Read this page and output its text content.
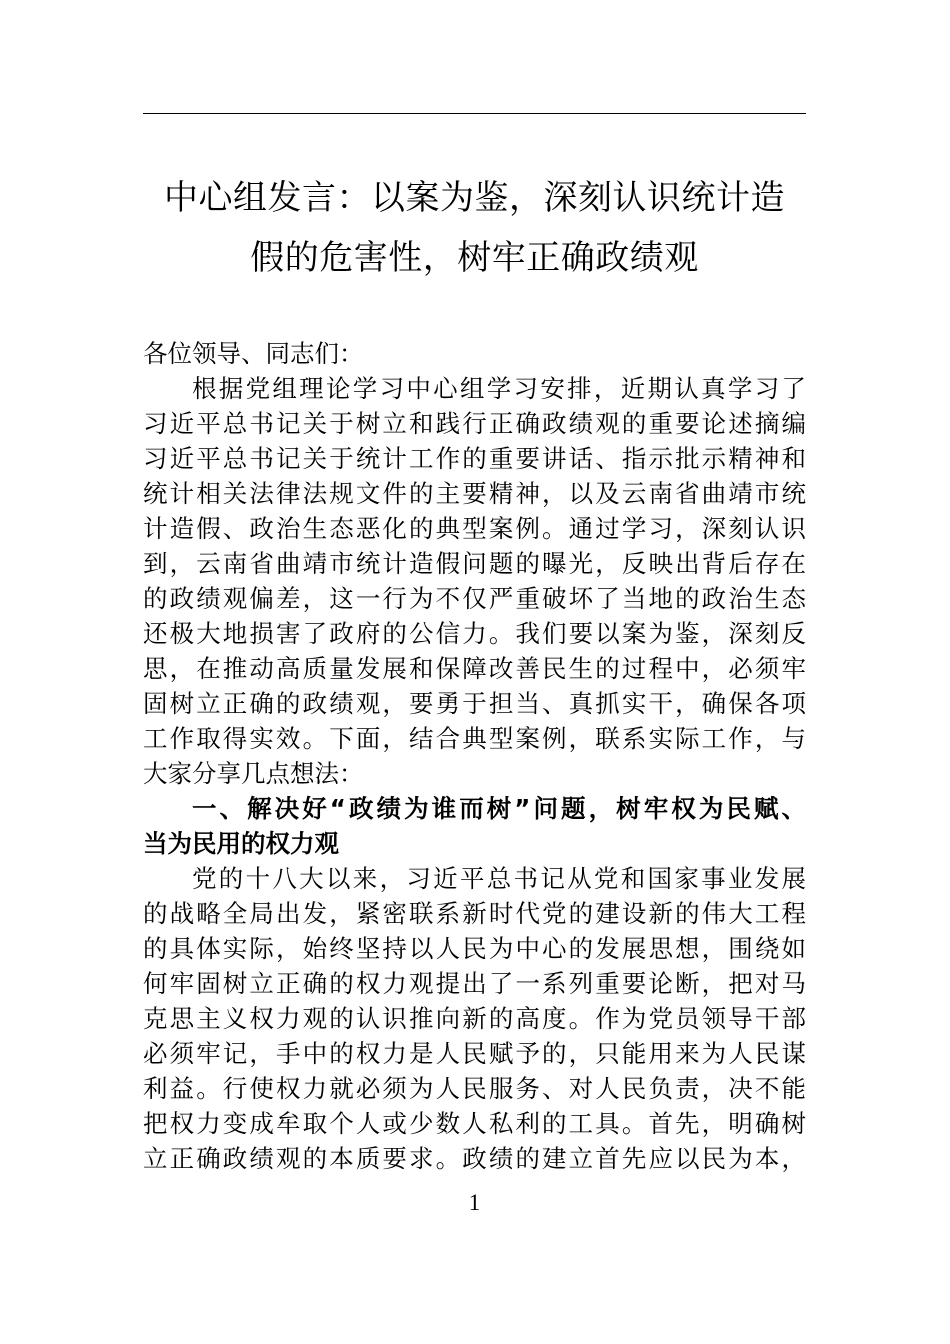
中心组发言：以案为鉴，深刻认识统计造
假的危害性，树牢正确政绩观
各位领导、同志们：
根据党组理论学习中心组学习安排，近期认真学习了
习近平总书记关于树立和践行正确政绩观的重要论述摘编
习近平总书记关于统计工作的重要讲话、指示批示精神和
统计相关法律法规文件的主要精神，以及云南省曲靖市统
计造假、政治生态恶化的典型案例。通过学习，深刻认识
到，云南省曲靖市统计造假问题的曝光，反映出背后存在
的政绩观偏差，这一行为不仅严重破坏了当地的政治生态
还极大地损害了政府的公信力。我们要以案为鉴，深刻反
思，在推动高质量发展和保障改善民生的过程中，必须牢
固树立正确的政绩观，要勇于担当、真抓实干，确保各项
工作取得实效。下面，结合典型案例，联系实际工作，与
大家分享几点想法：
一、解决好“政绩为谁而树”问题，树牢权为民赋、
当为民用的权力观
党的十八大以来，习近平总书记从党和国家事业发展
的战略全局出发，紧密联系新时代党的建设新的伟大工程
的具体实际，始终坚持以人民为中心的发展思想，围绕如
何牢固树立正确的权力观提出了一系列重要论断，把对马
克思主义权力观的认识推向新的高度。作为党员领导干部
必须牢记，手中的权力是人民赋予的，只能用来为人民谋
利益。行使权力就必须为人民服务、对人民负责，决不能
把权力变成牟取个人或少数人私利的工具。首先，明确树
立正确政绩观的本质要求。政绩的建立首先应以民为本，
1
